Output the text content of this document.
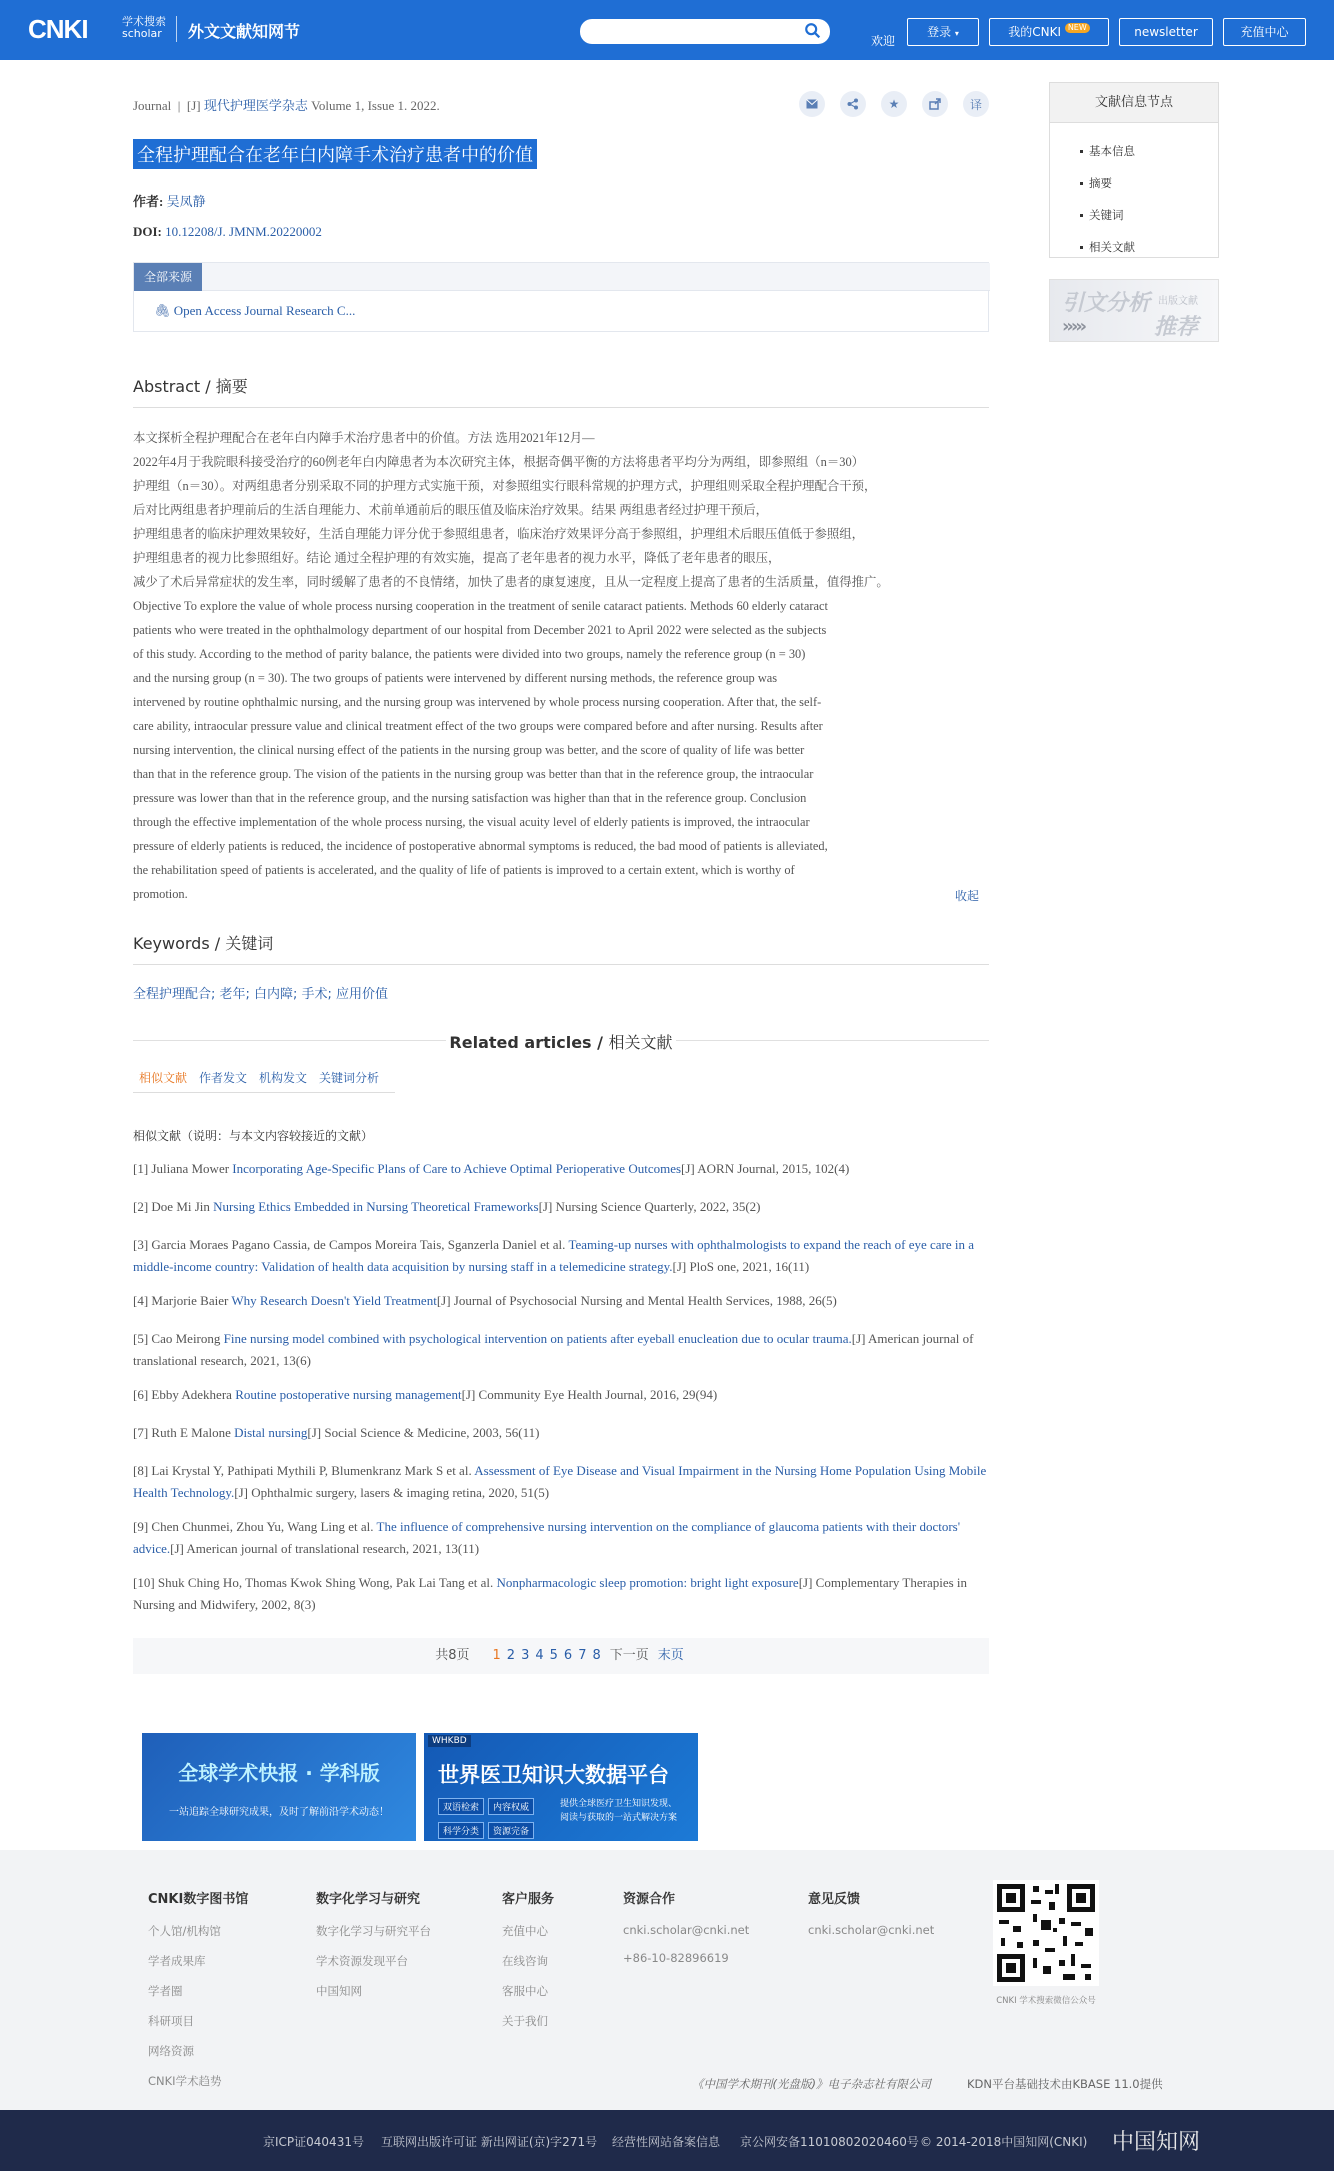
CNKI	学术搜索
scholar 外文文献知网节	欢迎
登录 ▾	我的CNKI NEW	newsletter	充值中心
Journal  |  [J] 现代护理医学杂志 Volume 1, Issue 1. 2022.	★	译
全程护理配合在老年白内障手术治疗患者中的价值
作者: 吴凤静
DOI: 10.12208/J. JMNM.20220002
全部来源
🖇 Open Access Journal Research C...
Abstract / 摘要
本文探析全程护理配合在老年白内障手术治疗患者中的价值。方法 选用2021年12月—
2022年4月于我院眼科接受治疗的60例老年白内障患者为本次研究主体，根据奇偶平衡的方法将患者平均分为两组，即参照组（n＝30）
护理组（n＝30）。对两组患者分别采取不同的护理方式实施干预，对参照组实行眼科常规的护理方式，护理组则采取全程护理配合干预，
后对比两组患者护理前后的生活自理能力、术前单通前后的眼压值及临床治疗效果。结果 两组患者经过护理干预后，
护理组患者的临床护理效果较好，生活自理能力评分优于参照组患者，临床治疗效果评分高于参照组，护理组术后眼压值低于参照组，
护理组患者的视力比参照组好。结论 通过全程护理的有效实施，提高了老年患者的视力水平，降低了老年患者的眼压，
减少了术后异常症状的发生率，同时缓解了患者的不良情绪，加快了患者的康复速度，且从一定程度上提高了患者的生活质量，值得推广。
Objective To explore the value of whole process nursing cooperation in the treatment of senile cataract patients. Methods 60 elderly cataract
patients who were treated in the ophthalmology department of our hospital from December 2021 to April 2022 were selected as the subjects
of this study. According to the method of parity balance, the patients were divided into two groups, namely the reference group (n = 30)
and the nursing group (n = 30). The two groups of patients were intervened by different nursing methods, the reference group was
intervened by routine ophthalmic nursing, and the nursing group was intervened by whole process nursing cooperation. After that, the self-
care ability, intraocular pressure value and clinical treatment effect of the two groups were compared before and after nursing. Results after
nursing intervention, the clinical nursing effect of the patients in the nursing group was better, and the score of quality of life was better
than that in the reference group. The vision of the patients in the nursing group was better than that in the reference group, the intraocular
pressure was lower than that in the reference group, and the nursing satisfaction was higher than that in the reference group. Conclusion
through the effective implementation of the whole process nursing, the visual acuity level of elderly patients is improved, the intraocular
pressure of elderly patients is reduced, the incidence of postoperative abnormal symptoms is reduced, the bad mood of patients is alleviated,
the rehabilitation speed of patients is accelerated, and the quality of life of patients is improved to a certain extent, which is worthy of
promotion.	收起
Keywords / 关键词
全程护理配合; 老年; 白内障; 手术; 应用价值
Related articles / 相关文献
相似文献 作者发文 机构发文 关键词分析
相似文献（说明：与本文内容较接近的文献）
[1] Juliana Mower Incorporating Age-Specific Plans of Care to Achieve Optimal Perioperative Outcomes[J] AORN Journal, 2015, 102(4)
[2] Doe Mi Jin Nursing Ethics Embedded in Nursing Theoretical Frameworks[J] Nursing Science Quarterly, 2022, 35(2)
[3] Garcia Moraes Pagano Cassia, de Campos Moreira Tais, Sganzerla Daniel et al. Teaming-up nurses with ophthalmologists to expand the reach of eye care in a middle-income country: Validation of health data acquisition by nursing staff in a telemedicine strategy.[J] PloS one, 2021, 16(11)
[4] Marjorie Baier Why Research Doesn't Yield Treatment[J] Journal of Psychosocial Nursing and Mental Health Services, 1988, 26(5)
[5] Cao Meirong Fine nursing model combined with psychological intervention on patients after eyeball enucleation due to ocular trauma.[J] American journal of translational research, 2021, 13(6)
[6] Ebby Adekhera Routine postoperative nursing management[J] Community Eye Health Journal, 2016, 29(94)
[7] Ruth E Malone Distal nursing[J] Social Science & Medicine, 2003, 56(11)
[8] Lai Krystal Y, Pathipati Mythili P, Blumenkranz Mark S et al. Assessment of Eye Disease and Visual Impairment in the Nursing Home Population Using Mobile Health Technology.[J] Ophthalmic surgery, lasers & imaging retina, 2020, 51(5)
[9] Chen Chunmei, Zhou Yu, Wang Ling et al. The influence of comprehensive nursing intervention on the compliance of glaucoma patients with their doctors' advice.[J] American journal of translational research, 2021, 13(11)
[10] Shuk Ching Ho, Thomas Kwok Shing Wong, Pak Lai Tang et al. Nonpharmacologic sleep promotion: bright light exposure[J] Complementary Therapies in Nursing and Midwifery, 2002, 8(3)
共8页 1 2 3 4 5 6 7 8 下一页 末页
文献信息节点
基本信息
摘要
关键词
相关文献
引文分析 出版文献
›››››	推荐
全球学术快报 · 学科版
一站追踪全球研究成果，及时了解前沿学术动态！
WHKBD
世界医卫知识大数据平台
双语检索 内容权威科学分类 资源完备
提供全球医疗卫生知识发现、
阅读与获取的一站式解决方案
CNKI数字图书馆
个人馆/机构馆
学者成果库
学者圈
科研项目
网络资源
CNKI学术趋势
数字化学习与研究
数字化学习与研究平台
学术资源发现平台
中国知网
客户服务
充值中心
在线咨询
客服中心
关于我们
资源合作
cnki.scholar@cnki.net
+86-10-82896619
意见反馈
cnki.scholar@cnki.net
CNKI 学术搜索微信公众号
《中国学术期刊(光盘版)》电子杂志社有限公司	KDN平台基础技术由KBASE 11.0提供
京ICP证040431号 互联网出版许可证 新出网证(京)字271号 经营性网站备案信息 京公网安备11010802020460号 © 2014-2018中国知网(CNKI) 中国知网
